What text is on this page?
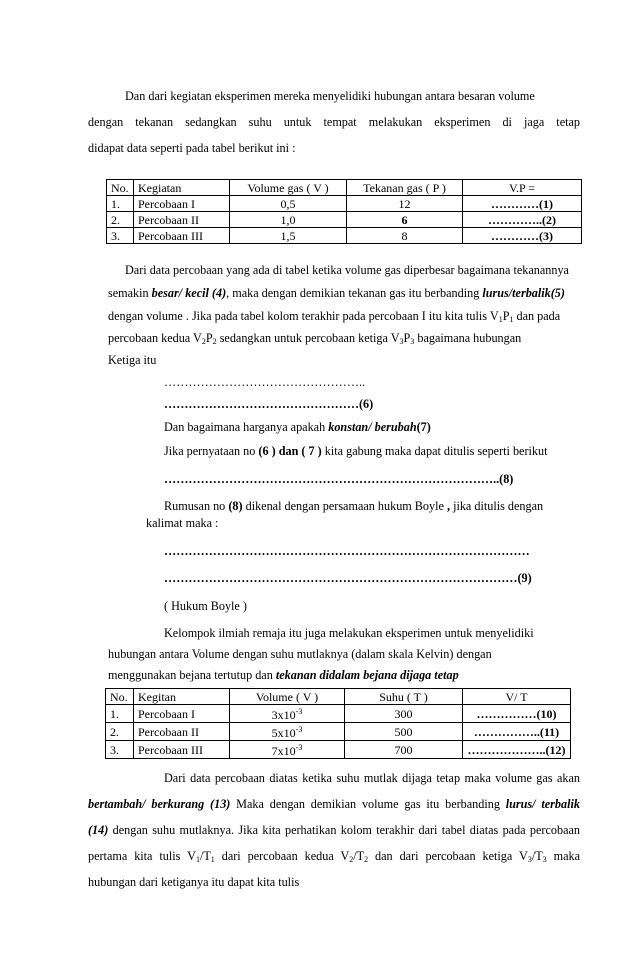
Dan dari kegiatan eksperimen mereka menyelidiki hubungan antara besaran volume
dengan tekanan sedangkan suhu untuk tempat melakukan eksperimen di jaga tetap
didapat data seperti pada tabel berikut ini :
No.	Kegiatan	Volume gas ( V )	Tekanan gas ( P )	V.P =
1.	Percobaan I	0,5	12	…………(1)
2.	Percobaan II	1,0	6	…………..(2)
3.	Percobaan III	1,5	8	…………(3)
Dari data percobaan yang ada di tabel ketika volume gas diperbesar bagaimana tekanannya
semakin besar/ kecil (4), maka dengan demikian tekanan gas itu berbanding lurus/terbalik(5)
dengan volume . Jika pada tabel kolom terakhir pada percobaan I itu kita tulis $V_1P_1$ dan pada
percobaan kedua $V_2P_2$ sedangkan untuk percobaan ketiga $V_3P_3$ bagaimana hubungan
Ketiga itu
…………………………………………..
…………………………………………(6)
Dan bagaimana harganya apakah konstan/ berubah(7)
Jika pernyataan no (6 ) dan ( 7 ) kita gabung maka dapat ditulis seperti berikut
………………………………………………………………………..(8)
Rumusan no (8) dikenal dengan persamaan hukum Boyle , jika ditulis dengan
kalimat maka :
………………………………………………………………………………
……………………………………………………………………………(9)
( Hukum Boyle )
Kelompok ilmiah remaja itu juga melakukan eksperimen untuk menyelidiki
hubungan antara Volume dengan suhu mutlaknya (dalam skala Kelvin) dengan
menggunakan bejana tertutup dan tekanan didalam bejana dijaga tetap
No.	Kegitan	Volume ( V )	Suhu ( T )	V/ T
1.	Percobaan I	$3x10^{-3}$	300	……………(10)
2.	Percobaan II	$5x10^{-3}$	500	……………..(11)
3.	Percobaan III	$7x10^{-3}$	700	………………..(12)
Dari data percobaan diatas ketika suhu mutlak dijaga tetap maka volume gas akan
bertambah/ berkurang (13) Maka dengan demikian volume gas itu berbanding lurus/ terbalik
(14) dengan suhu mutlaknya. Jika kita perhatikan kolom terakhir dari tabel diatas pada percobaan
pertama kita tulis $V_1/T_1$ dari percobaan kedua $V_2/T_2$ dan dari percobaan ketiga $V_3/T_3$ maka
hubungan dari ketiganya itu dapat kita tulis
